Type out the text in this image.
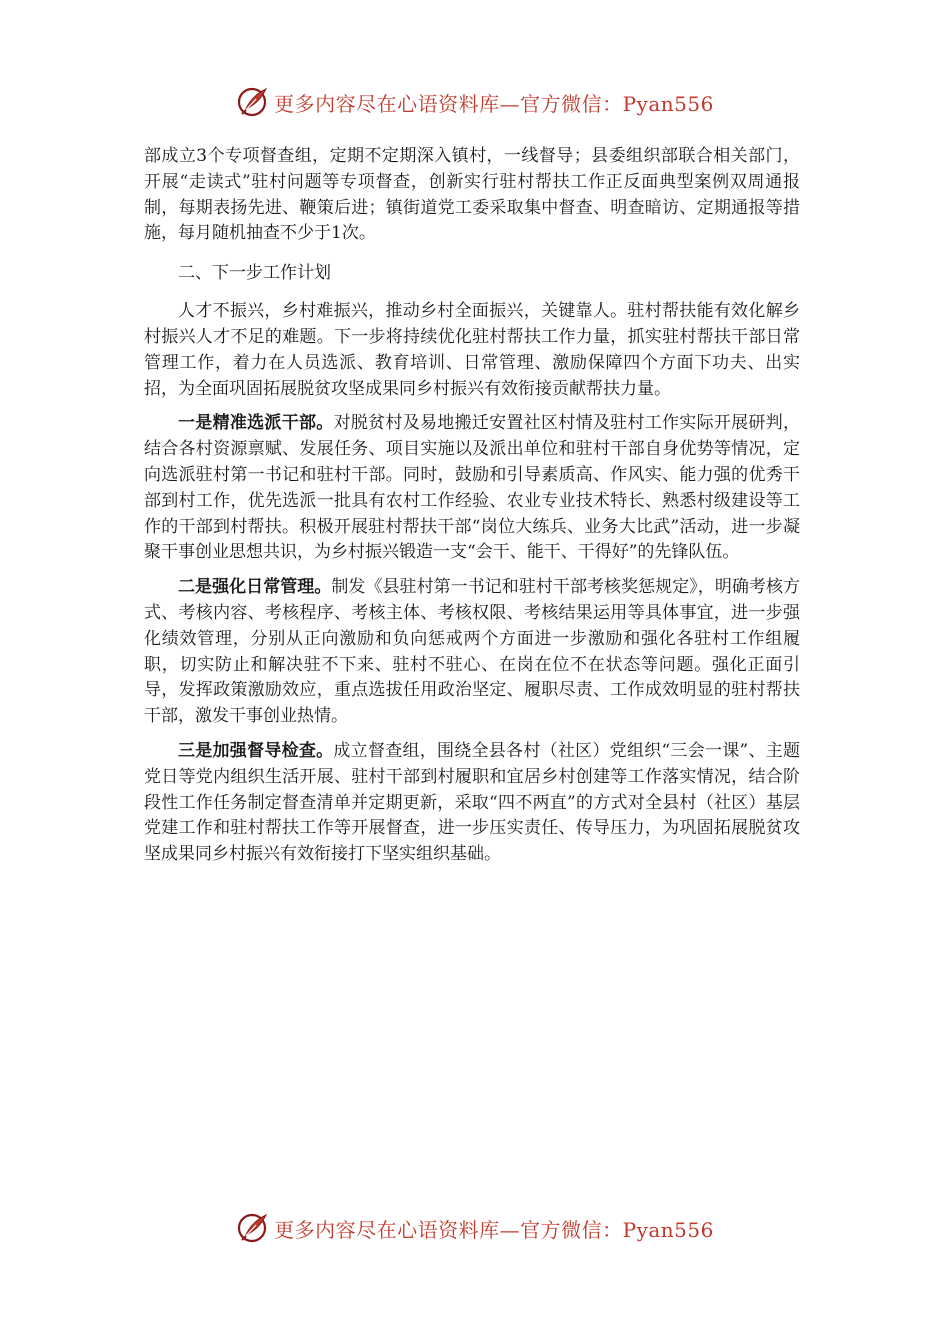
更多内容尽在心语资料库—官方微信：Pyan556

部成立3个专项督查组，定期不定期深入镇村，一线督导；县委组织部联合相关部门，开展“走读式”驻村问题等专项督查，创新实行驻村帮扶工作正反面典型案例双周通报制，每期表扬先进、鞭策后进；镇街道党工委采取集中督查、明查暗访、定期通报等措施，每月随机抽查不少于1次。

二、下一步工作计划

人才不振兴，乡村难振兴，推动乡村全面振兴，关键靠人。驻村帮扶能有效化解乡村振兴人才不足的难题。下一步将持续优化驻村帮扶工作力量，抓实驻村帮扶干部日常管理工作，着力在人员选派、教育培训、日常管理、激励保障四个方面下功夫、出实招，为全面巩固拓展脱贫攻坚成果同乡村振兴有效衔接贡献帮扶力量。

一是精准选派干部。对脱贫村及易地搬迁安置社区村情及驻村工作实际开展研判，结合各村资源禀赋、发展任务、项目实施以及派出单位和驻村干部自身优势等情况，定向选派驻村第一书记和驻村干部。同时，鼓励和引导素质高、作风实、能力强的优秀干部到村工作，优先选派一批具有农村工作经验、农业专业技术特长、熟悉村级建设等工作的干部到村帮扶。积极开展驻村帮扶干部“岗位大练兵、业务大比武”活动，进一步凝聚干事创业思想共识，为乡村振兴锻造一支“会干、能干、干得好”的先锋队伍。

二是强化日常管理。制发《县驻村第一书记和驻村干部考核奖惩规定》，明确考核方式、考核内容、考核程序、考核主体、考核权限、考核结果运用等具体事宜，进一步强化绩效管理，分别从正向激励和负向惩戒两个方面进一步激励和强化各驻村工作组履职，切实防止和解决驻不下来、驻村不驻心、在岗在位不在状态等问题。强化正面引导，发挥政策激励效应，重点选拔任用政治坚定、履职尽责、工作成效明显的驻村帮扶干部，激发干事创业热情。

三是加强督导检查。成立督查组，围绕全县各村（社区）党组织“三会一课”、主题党日等党内组织生活开展、驻村干部到村履职和宜居乡村创建等工作落实情况，结合阶段性工作任务制定督查清单并定期更新，采取“四不两直”的方式对全县村（社区）基层党建工作和驻村帮扶工作等开展督查，进一步压实责任、传导压力，为巩固拓展脱贫攻坚成果同乡村振兴有效衔接打下坚实组织基础。

更多内容尽在心语资料库—官方微信：Pyan556
